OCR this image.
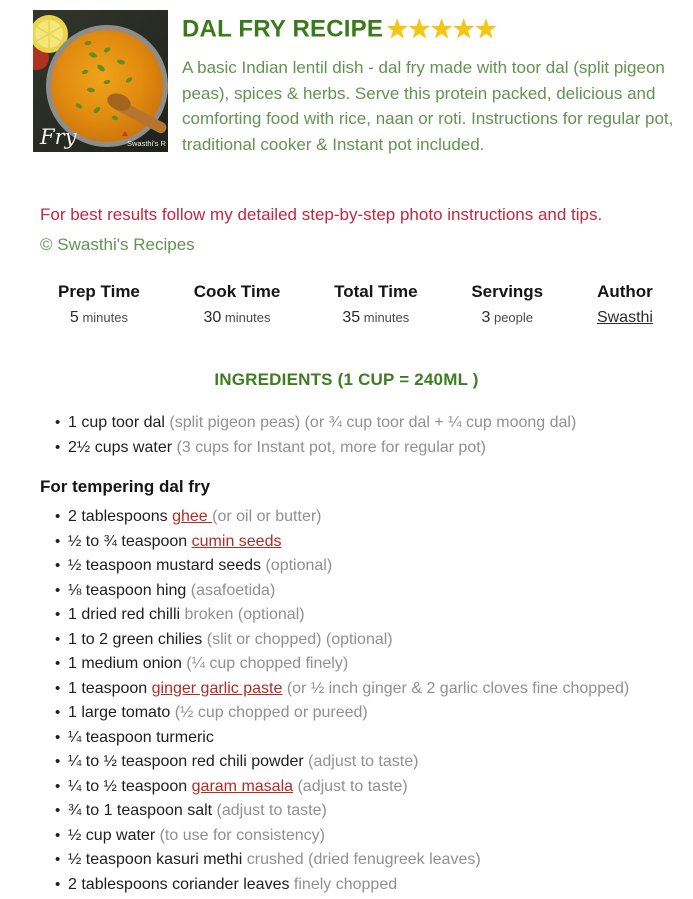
Fry	Swasthi's R
DAL FRY RECIPE★★★★★

A basic Indian lentil dish - dal fry made with toor dal (split pigeon peas), spices & herbs. Serve this protein packed, delicious and comforting food with rice, naan or roti. Instructions for regular pot, traditional cooker & Instant pot included.

For best results follow my detailed step-by-step photo instructions and tips.

© Swasthi's Recipes

Prep Time
5 minutes
Cook Time
30 minutes
Total Time
35 minutes
Servings
3 people
Author
Swasthi
INGREDIENTS (1 CUP = 240ML )
• 1 cup toor dal (split pigeon peas) (or ¾ cup toor dal + ¼ cup moong dal)
• 2½ cups water (3 cups for Instant pot, more for regular pot)
For tempering dal fry
• 2 tablespoons ghee (or oil or butter)
• ½ to ¾ teaspoon cumin seeds
• ½ teaspoon mustard seeds (optional)
• ⅛ teaspoon hing (asafoetida)
• 1 dried red chilli broken (optional)
• 1 to 2 green chilies (slit or chopped) (optional)
• 1 medium onion (¼ cup chopped finely)
• 1 teaspoon ginger garlic paste (or ½ inch ginger & 2 garlic cloves fine chopped)
• 1 large tomato (½ cup chopped or pureed)
• ¼ teaspoon turmeric
• ¼ to ½ teaspoon red chili powder (adjust to taste)
• ¼ to ½ teaspoon garam masala (adjust to taste)
• ¾ to 1 teaspoon salt (adjust to taste)
• ½ cup water (to use for consistency)
• ½ teaspoon kasuri methi crushed (dried fenugreek leaves)
• 2 tablespoons coriander leaves finely chopped
